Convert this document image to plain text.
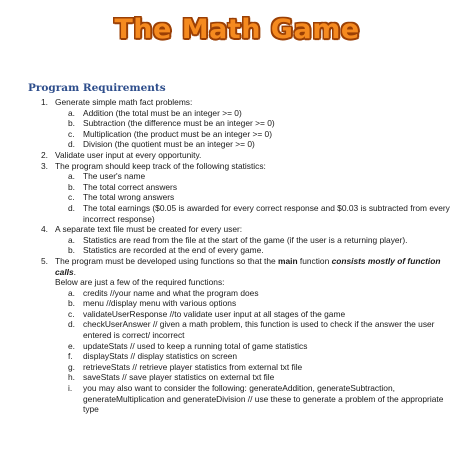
The Math Game
Program Requirements
1. Generate simple math fact problems:
a. Addition (the total must be an integer >= 0)
b. Subtraction (the difference must be an integer >= 0)
c. Multiplication (the product must be an integer >= 0)
d. Division (the quotient must be an integer >= 0)
2. Validate user input at every opportunity.
3. The program should keep track of the following statistics:
a. The user's name
b. The total correct answers
c. The total wrong answers
d. The total earnings ($0.05 is awarded for every correct response and $0.03 is subtracted from every incorrect response)
4. A separate text file must be created for every user:
a. Statistics are read from the file at the start of the game (if the user is a returning player).
b. Statistics are recorded at the end of every game.
5. The program must be developed using functions so that the main function consists mostly of function calls.
Below are just a few of the required functions:
a. credits //your name and what the program does
b. menu //display menu with various options
c. validateUserResponse //to validate user input at all stages of the game
d. checkUserAnswer // given a math problem, this function is used to check if the answer the user entered is correct/ incorrect
e. updateStats // used to keep a running total of game statistics
f. displayStats // display statistics on screen
g. retrieveStats // retrieve player statistics from external txt file
h. saveStats // save player statistics on external txt file
i. you may also want to consider the following: generateAddition, generateSubtraction, generateMultiplication and generateDivision // use these to generate a problem of the appropriate type
